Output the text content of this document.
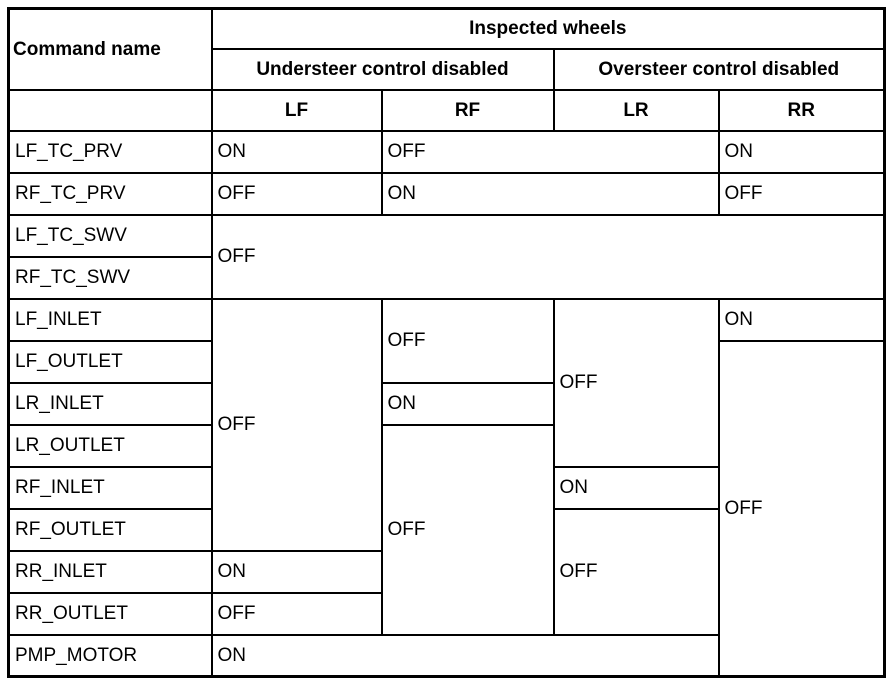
Command name	Inspected wheels			
	Understeer control disabled		Oversteer control disabled	
	LF	RF	LR	RR
LF_TC_PRV	ON	OFF		ON
RF_TC_PRV	OFF	ON		OFF
LF_TC_SWV	OFF			
RF_TC_SWV				
LF_INLET	OFF	OFF	OFF	ON
LF_OUTLET				OFF
LR_INLET		ON		
LR_OUTLET		OFF		
RF_INLET			ON	
RF_OUTLET			OFF	
RR_INLET	ON			
RR_OUTLET	OFF			
PMP_MOTOR	ON			
